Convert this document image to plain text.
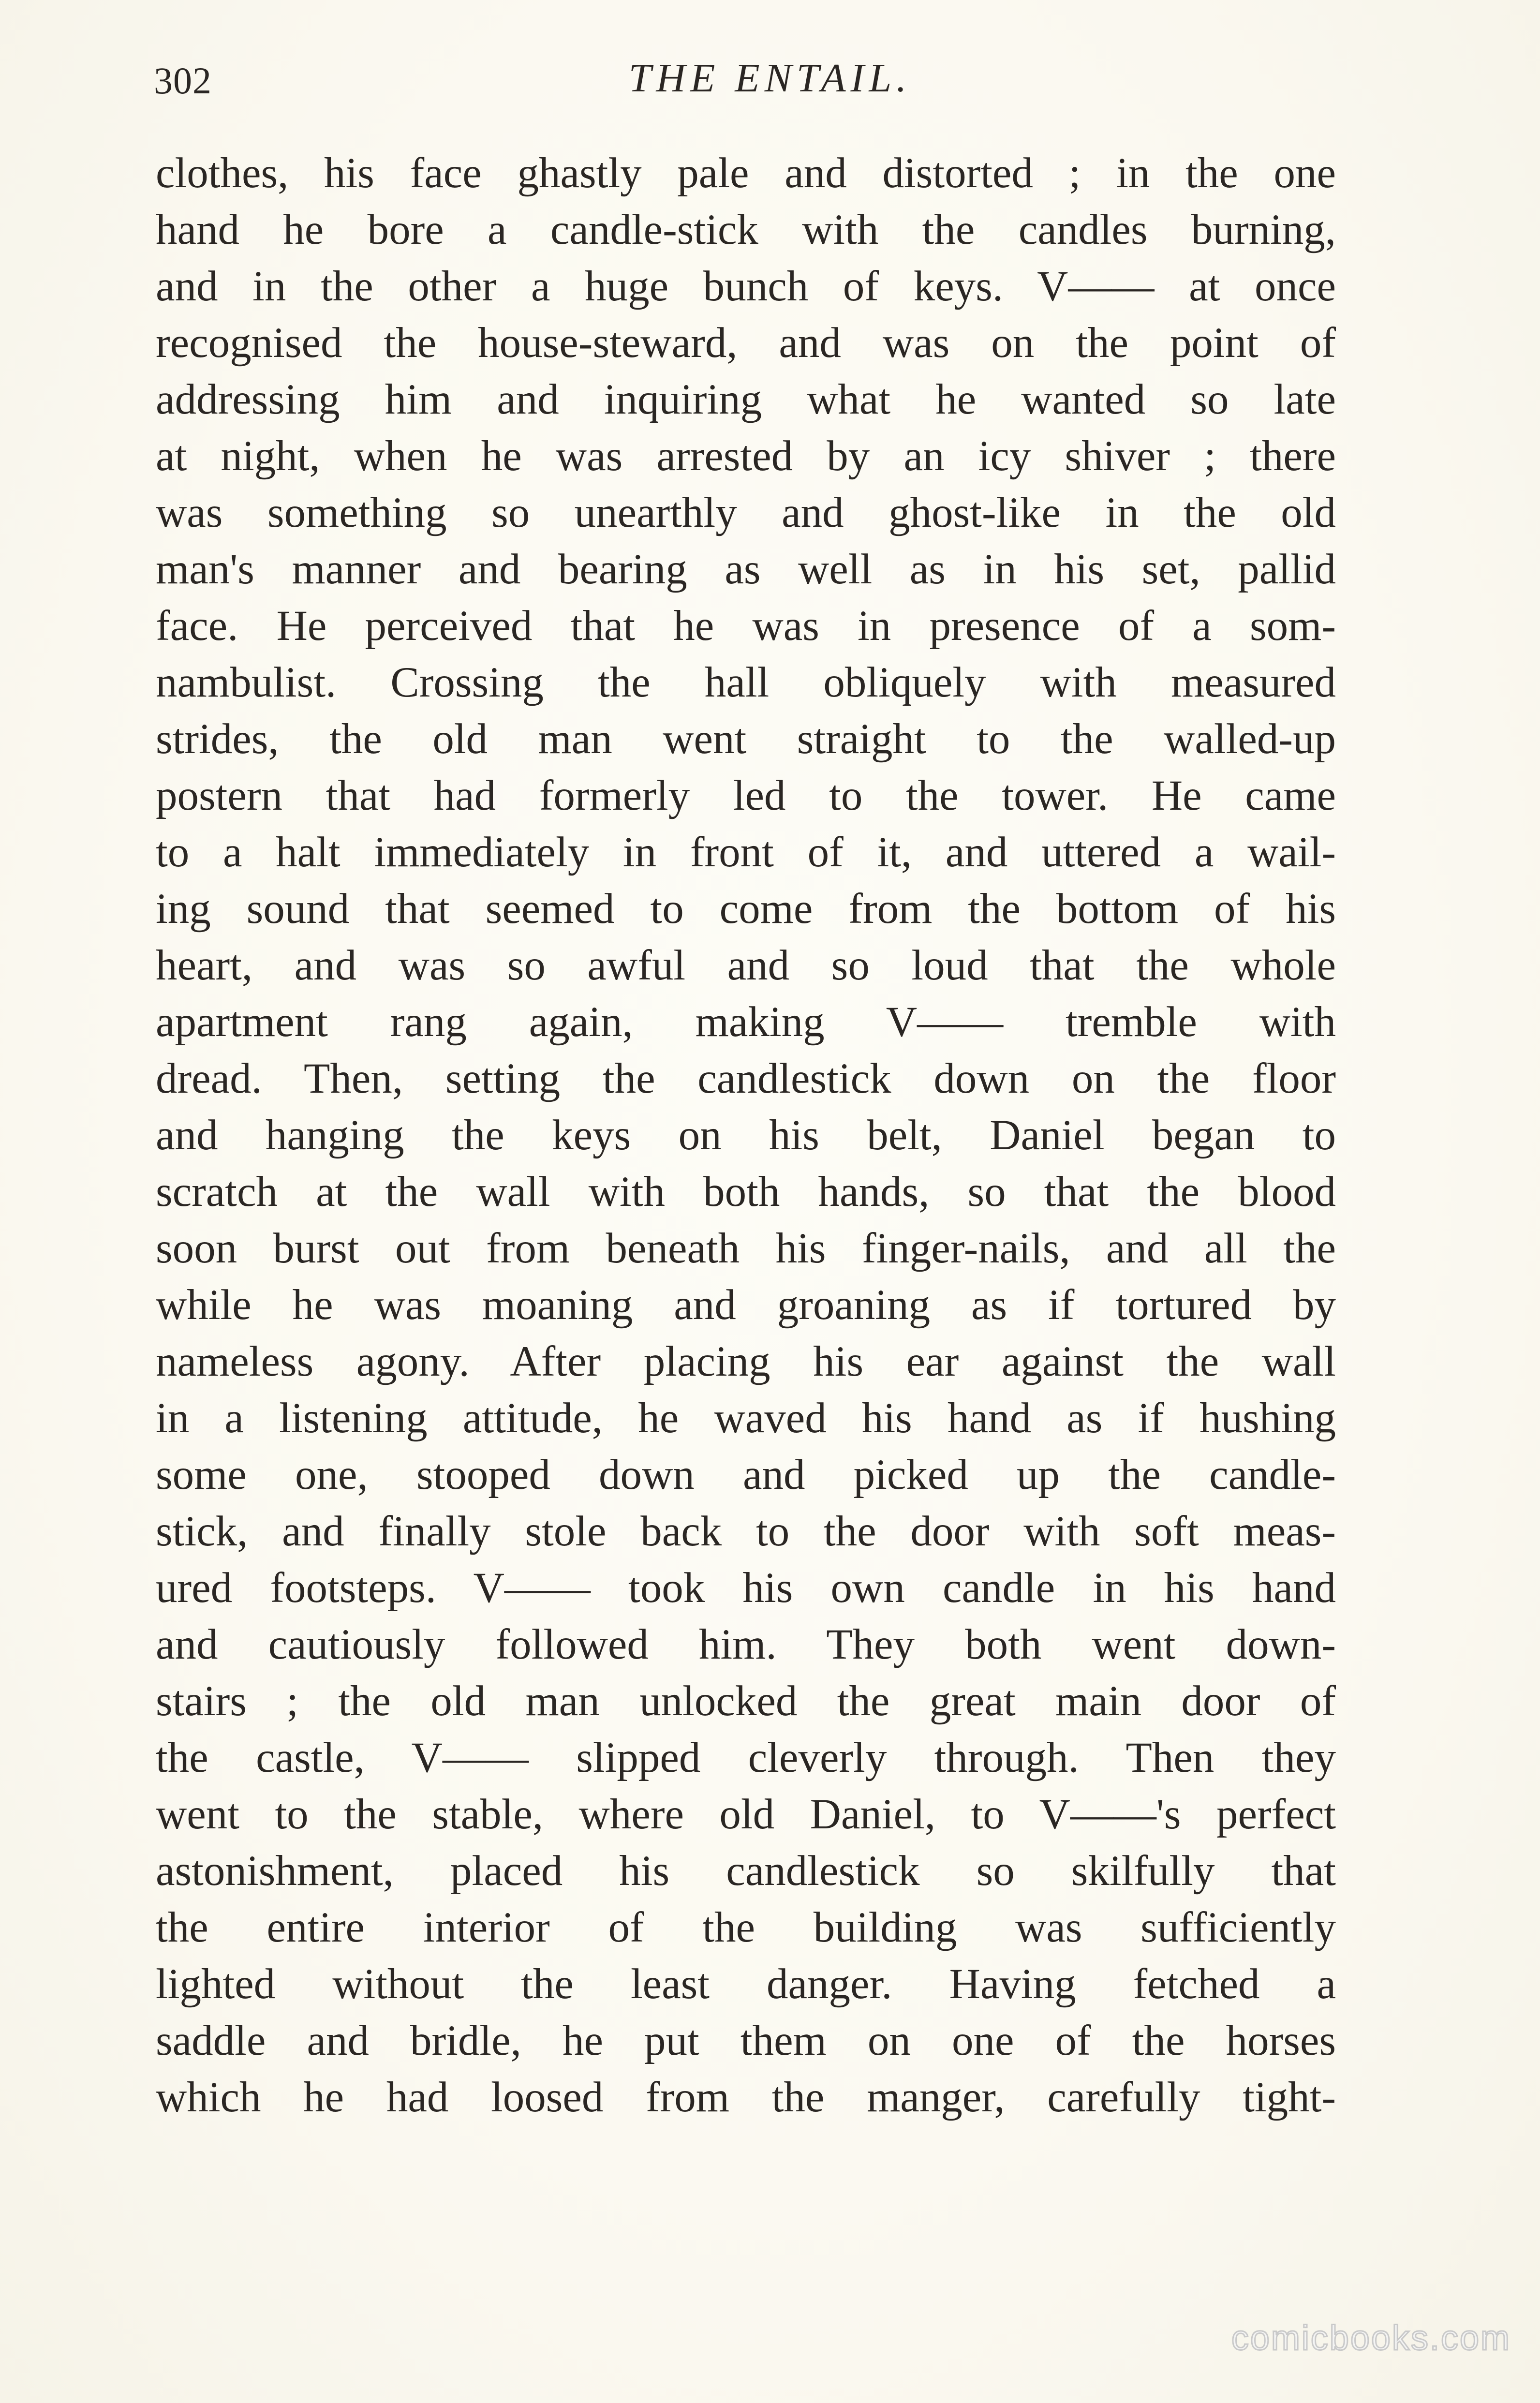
302	THE ENTAIL.
clothes, his face ghastly pale and distorted ; in the one
hand he bore a candle-stick with the candles burning,
and in the other a huge bunch of keys. V—— at once
recognised the house-steward, and was on the point of
addressing him and inquiring what he wanted so late
at night, when he was arrested by an icy shiver ; there
was something so unearthly and ghost-like in the old
man's manner and bearing as well as in his set, pallid
face. He perceived that he was in presence of a som-
nambulist. Crossing the hall obliquely with measured
strides, the old man went straight to the walled-up
postern that had formerly led to the tower. He came
to a halt immediately in front of it, and uttered a wail-
ing sound that seemed to come from the bottom of his
heart, and was so awful and so loud that the whole
apartment rang again, making V—— tremble with
dread. Then, setting the candlestick down on the floor
and hanging the keys on his belt, Daniel began to
scratch at the wall with both hands, so that the blood
soon burst out from beneath his finger-nails, and all the
while he was moaning and groaning as if tortured by
nameless agony. After placing his ear against the wall
in a listening attitude, he waved his hand as if hushing
some one, stooped down and picked up the candle-
stick, and finally stole back to the door with soft meas-
ured footsteps. V—— took his own candle in his hand
and cautiously followed him. They both went down-
stairs ; the old man unlocked the great main door of
the castle, V—— slipped cleverly through. Then they
went to the stable, where old Daniel, to V——'s perfect
astonishment, placed his candlestick so skilfully that
the entire interior of the building was sufficiently
lighted without the least danger. Having fetched a
saddle and bridle, he put them on one of the horses
which he had loosed from the manger, carefully tight-
comicbooks.com
